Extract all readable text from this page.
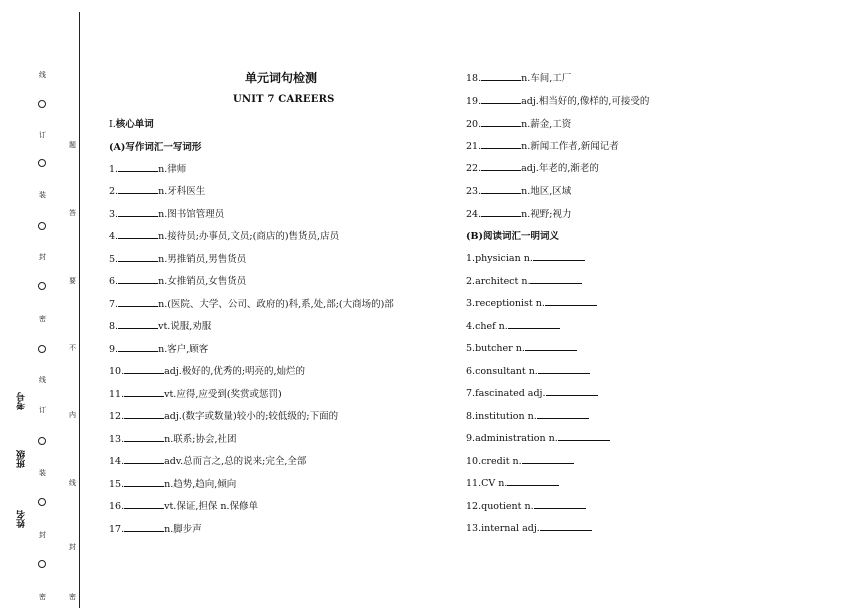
线
订
装
封
密
线
订
装
封
密
题
答
要
不
内
线
封
密
考号
班级
姓名
单元词句检测
UNIT 7 CAREERS
Ⅰ.核心单词
(A)写作词汇一写词形
1.	n.律师
2.	n.牙科医生
3.	n.图书馆管理员
4.	n.接待员;办事员,文员;(商店的)售货员,店员
5.	n.男推销员,男售货员
6.	n.女推销员,女售货员
7.	n.(医院、大学、公司、政府的)科,系,处,部;(大商场的)部
8.	vt.说服,劝服
9.	n.客户,顾客
10.	adj.极好的,优秀的;明亮的,灿烂的
11.	vt.应得,应受到(奖赏或惩罚)
12.	adj.(数字或数量)较小的;较低级的;下面的
13.	n.联系;协会,社团
14.	adv.总而言之,总的说来;完全,全部
15.	n.趋势,趋向,倾向
16.	vt.保证,担保 n.保修单
17.	n.脚步声
18.	n.车间,工厂
19.	adj.相当好的,像样的,可接受的
20.	n.薪金,工资
21.	n.新闻工作者,新闻记者
22.	adj.年老的,渐老的
23.	n.地区,区域
24.	n.视野;视力
(B)阅读词汇一明词义
1.physician n.
2.architect n.
3.receptionist n.
4.chef n.
5.butcher n.
6.consultant n.
7.fascinated adj.
8.institution n.
9.administration n.
10.credit n.
11.CV n.
12.quotient n.
13.internal adj.
